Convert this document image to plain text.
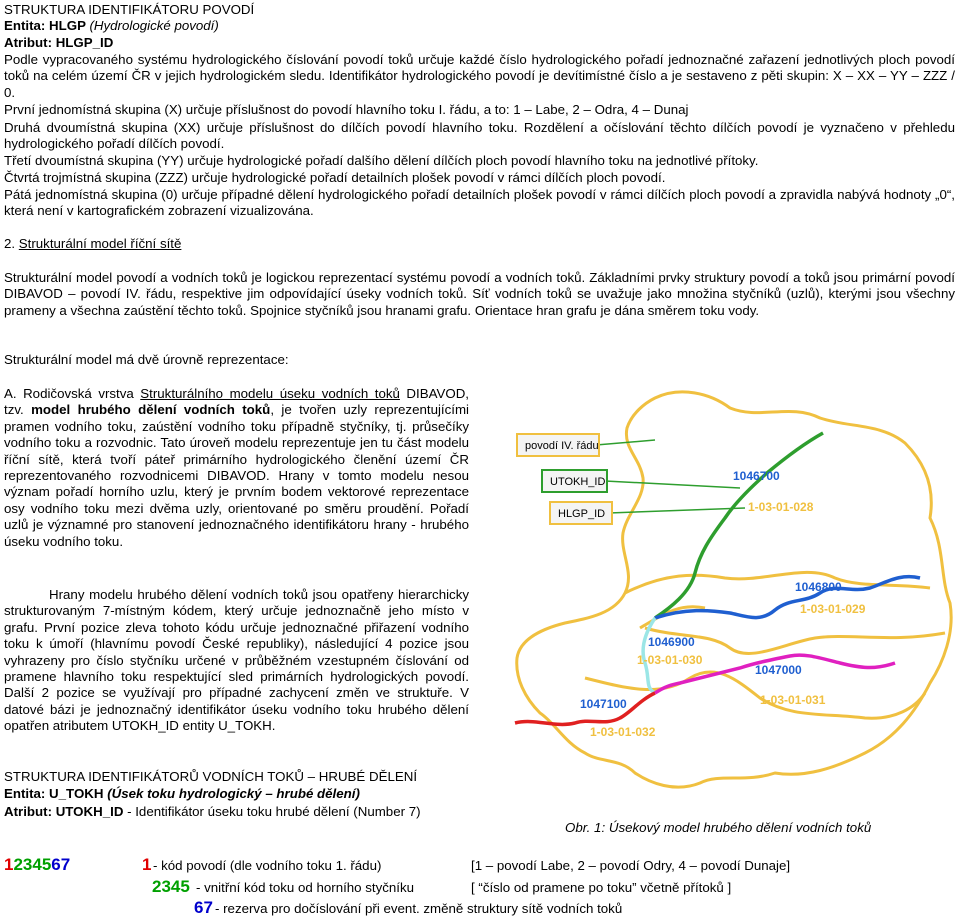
STRUKTURA IDENTIFIKÁTORU POVODÍ
Entita: HLGP (Hydrologické povodí)
Atribut: HLGP_ID
Podle vypracovaného systému hydrologického číslování povodí toků určuje každé číslo hydrologického pořadí jednoznačné zařazení jednotlivých ploch povodí toků na celém území ČR v jejich hydrologickém sledu. Identifikátor hydrologického povodí je devítimístné číslo a je sestaveno z pěti skupin: X – XX – YY – ZZZ / 0.
První jednomístná skupina (X) určuje příslušnost do povodí hlavního toku I. řádu, a to: 1 – Labe, 2 – Odra, 4 – Dunaj
Druhá dvoumístná skupina (XX) určuje příslušnost do dílčích povodí hlavního toku. Rozdělení a očíslování těchto dílčích povodí je vyznačeno v přehledu hydrologického pořadí dílčích povodí.
Třetí dvoumístná skupina (YY) určuje hydrologické pořadí dalšího dělení dílčích ploch povodí hlavního toku na jednotlivé přítoky.
Čtvrtá trojmístná skupina (ZZZ) určuje hydrologické pořadí detailních plošek povodí v rámci dílčích ploch povodí.
Pátá jednomístná skupina (0) určuje případné dělení hydrologického pořadí detailních plošek povodí v rámci dílčích ploch povodí a zpravidla nabývá hodnoty „0“, která není v kartografickém zobrazení vizualizována.
2. Strukturální model říční sítě
Strukturální model povodí a vodních toků je logickou reprezentací systému povodí a vodních toků. Základními prvky struktury povodí a toků jsou primární povodí DIBAVOD – povodí IV. řádu, respektive jim odpovídající úseky vodních toků. Síť vodních toků se uvažuje jako množina styčníků (uzlů), kterými jsou všechny prameny a všechna zaústění těchto toků. Spojnice styčníků jsou hranami grafu. Orientace hran grafu je dána směrem toku vody.
Strukturální model má dvě úrovně reprezentace:
A. Rodičovská vrstva Strukturálního modelu úseku vodních toků DIBAVOD, tzv. model hrubého dělení vodních toků, je tvořen uzly reprezentujícími pramen vodního toku, zaústění vodního toku případně styčníky, tj. průsečíky vodního toku a rozvodnic. Tato úroveň modelu reprezentuje jen tu část modelu říční sítě, která tvoří páteř primárního hydrologického členění území ČR reprezentovaného rozvodnicemi DIBAVOD. Hrany v tomto modelu nesou význam pořadí horního uzlu, který je prvním bodem vektorové reprezentace osy vodního toku mezi dvěma uzly, orientované po směru proudění. Pořadí uzlů je významné pro stanovení jednoznačného identifikátoru hrany - hrubého úseku vodního toku.
Hrany modelu hrubého dělení vodních toků jsou opatřeny hierarchicky strukturovaným 7-místným kódem, který určuje jednoznačně jeho místo v grafu. První pozice zleva tohoto kódu určuje jednoznačné přiřazení vodního toku k úmoří (hlavnímu povodí České republiky), následující 4 pozice jsou vyhrazeny pro číslo styčníku určené v průběžném vzestupném číslování od pramene hlavního toku respektující sled primárních hydrologických povodí. Další 2 pozice se využívají pro případné zachycení změn ve struktuře. V datové bázi je jednoznačný identifikátor úseku vodního toku hrubého dělení opatřen atributem UTOKH_ID entity U_TOKH.
STRUKTURA IDENTIFIKÁTORŮ VODNÍCH TOKŮ – HRUBÉ DĚLENÍ
Entita: U_TOKH (Úsek toku hydrologický – hrubé dělení)
Atribut: UTOKH_ID - Identifikátor úseku toku hrubé dělení (Number 7)
povodí IV. řádu
UTOKH_ID
HLGP_ID
1046700
1-03-01-028
1046800
1-03-01-029
1046900
1-03-01-030
1047000
1-03-01-031
1047100
1-03-01-032
Obr. 1: Úsekový model hrubého dělení vodních toků
1234567	1 - kód povodí (dle vodního toku 1. řádu)	[1 – povodí Labe, 2 – povodí Odry, 4 – povodí Dunaje]
2345 - vnitřní kód toku od horního styčníku	[ “číslo od pramene po toku” včetně přítoků ]
67 - rezerva pro dočíslování při event. změně struktury sítě vodních toků
